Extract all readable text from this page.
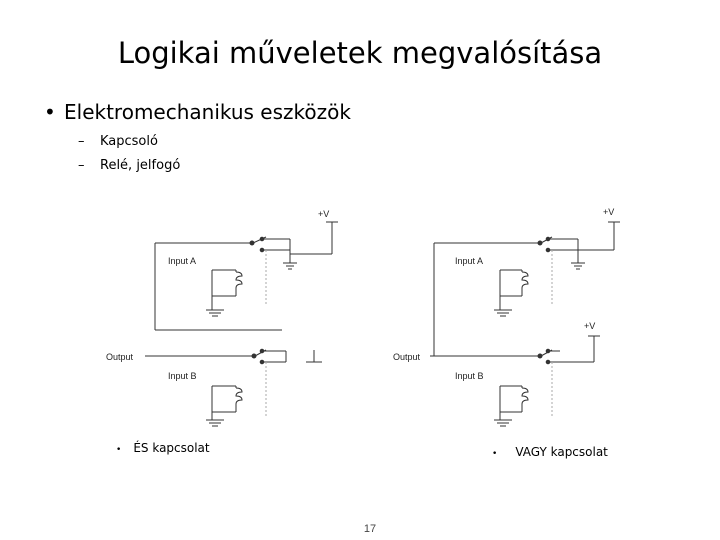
Logikai műveletek megvalósítása
• Elektromechanikus eszközök
– Kapcsoló
– Relé, jelfogó
+V
Input A
Output
Input B
+V
Input A
+V
Output
Input B
• ÉS kapcsolat	• VAGY kapcsolat
17
